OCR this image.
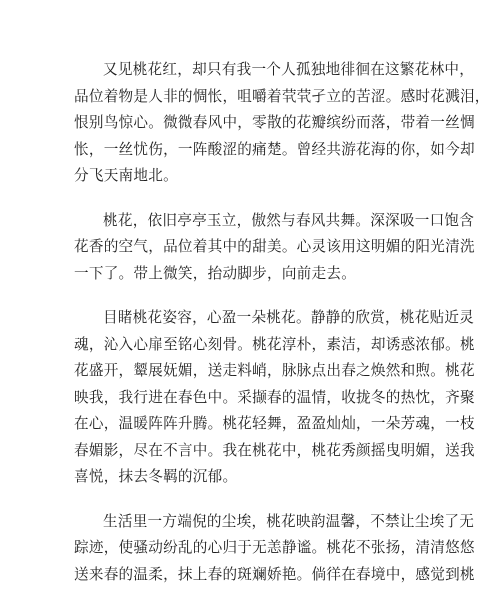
又见桃花红，却只有我一个人孤独地徘徊在这繁花林中，
品位着物是人非的惆怅，咀嚼着茕茕孑立的苦涩。感时花溅泪，
恨别鸟惊心。微微春风中，零散的花瓣缤纷而落，带着一丝惆
怅，一丝忧伤，一阵酸涩的痛楚。曾经共游花海的你，如今却
分飞天南地北。
桃花，依旧亭亭玉立，傲然与春风共舞。深深吸一口饱含
花香的空气，品位着其中的甜美。心灵该用这明媚的阳光清洗
一下了。带上微笑，抬动脚步，向前走去。
目睹桃花姿容，心盈一朵桃花。静静的欣赏，桃花贴近灵
魂，沁入心扉至铭心刻骨。桃花淳朴，素洁，却诱惑浓郁。桃
花盛开，颦展妩媚，送走料峭，脉脉点出春之焕然和煦。桃花
映我，我行进在春色中。采撷春的温情，收拢冬的热忱，齐聚
在心，温暖阵阵升腾。桃花轻舞，盈盈灿灿，一朵芳魂，一枝
春媚影，尽在不言中。我在桃花中，桃花秀颜摇曳明媚，送我
喜悦，抹去冬羁的沉郁。
生活里一方端倪的尘埃，桃花映韵温馨，不禁让尘埃了无
踪迹，使骚动纷乱的心归于无恙静谧。桃花不张扬，清清悠悠
送来春的温柔，抹上春的斑斓娇艳。倘徉在春境中，感觉到桃
